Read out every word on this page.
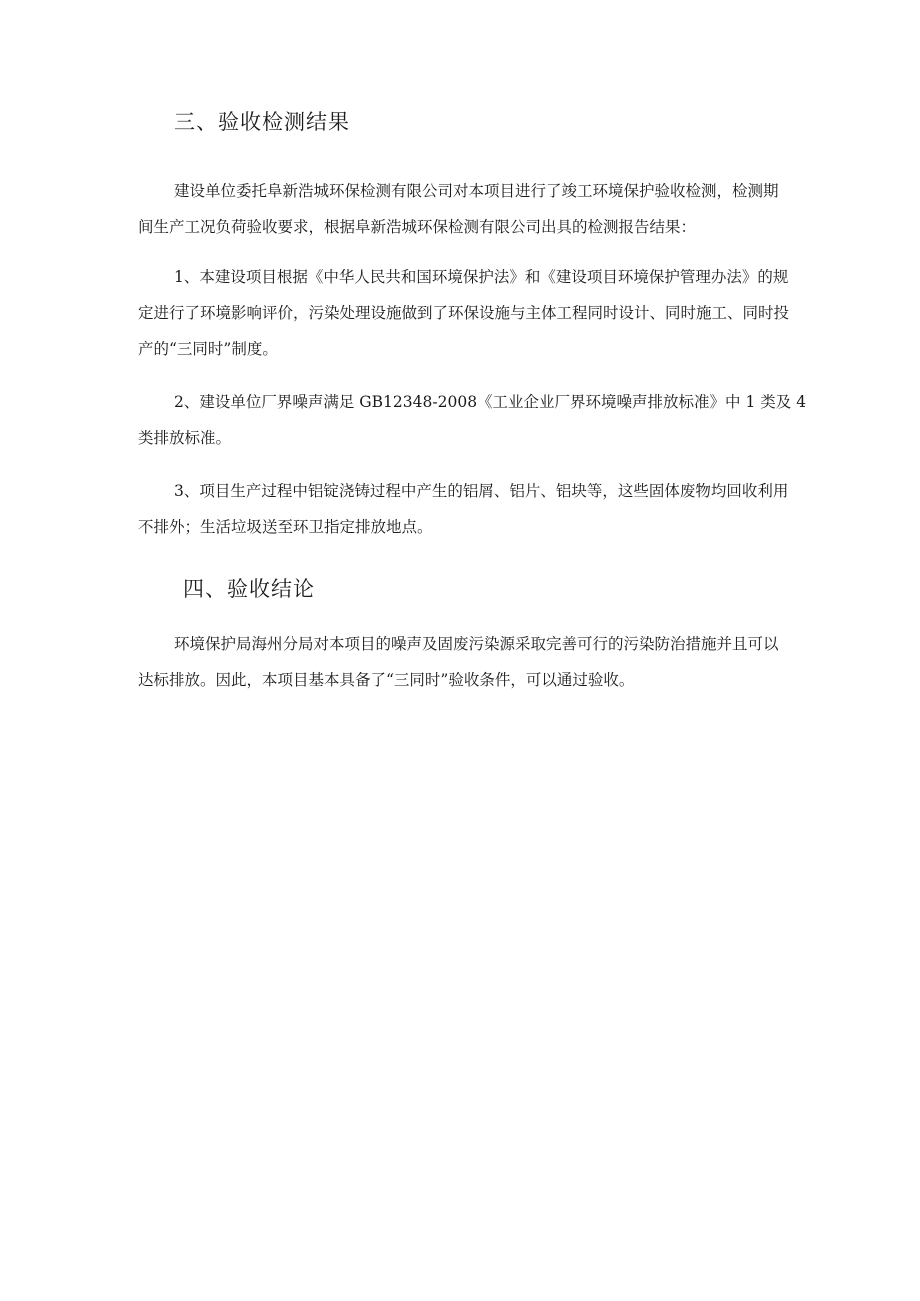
三、验收检测结果

建设单位委托阜新浩城环保检测有限公司对本项目进行了竣工环境保护验收检测，检测期
间生产工况负荷验收要求，根据阜新浩城环保检测有限公司出具的检测报告结果：

1、本建设项目根据《中华人民共和国环境保护法》和《建设项目环境保护管理办法》的规
定进行了环境影响评价，污染处理设施做到了环保设施与主体工程同时设计、同时施工、同时投
产的“三同时”制度。

2、建设单位厂界噪声满足 GB12348-2008《工业企业厂界环境噪声排放标准》中 1 类及 4
类排放标准。

3、项目生产过程中铝锭浇铸过程中产生的铝屑、铝片、铝块等，这些固体废物均回收利用
不排外；生活垃圾送至环卫指定排放地点。

四、验收结论

环境保护局海州分局对本项目的噪声及固废污染源采取完善可行的污染防治措施并且可以
达标排放。因此，本项目基本具备了“三同时”验收条件，可以通过验收。
